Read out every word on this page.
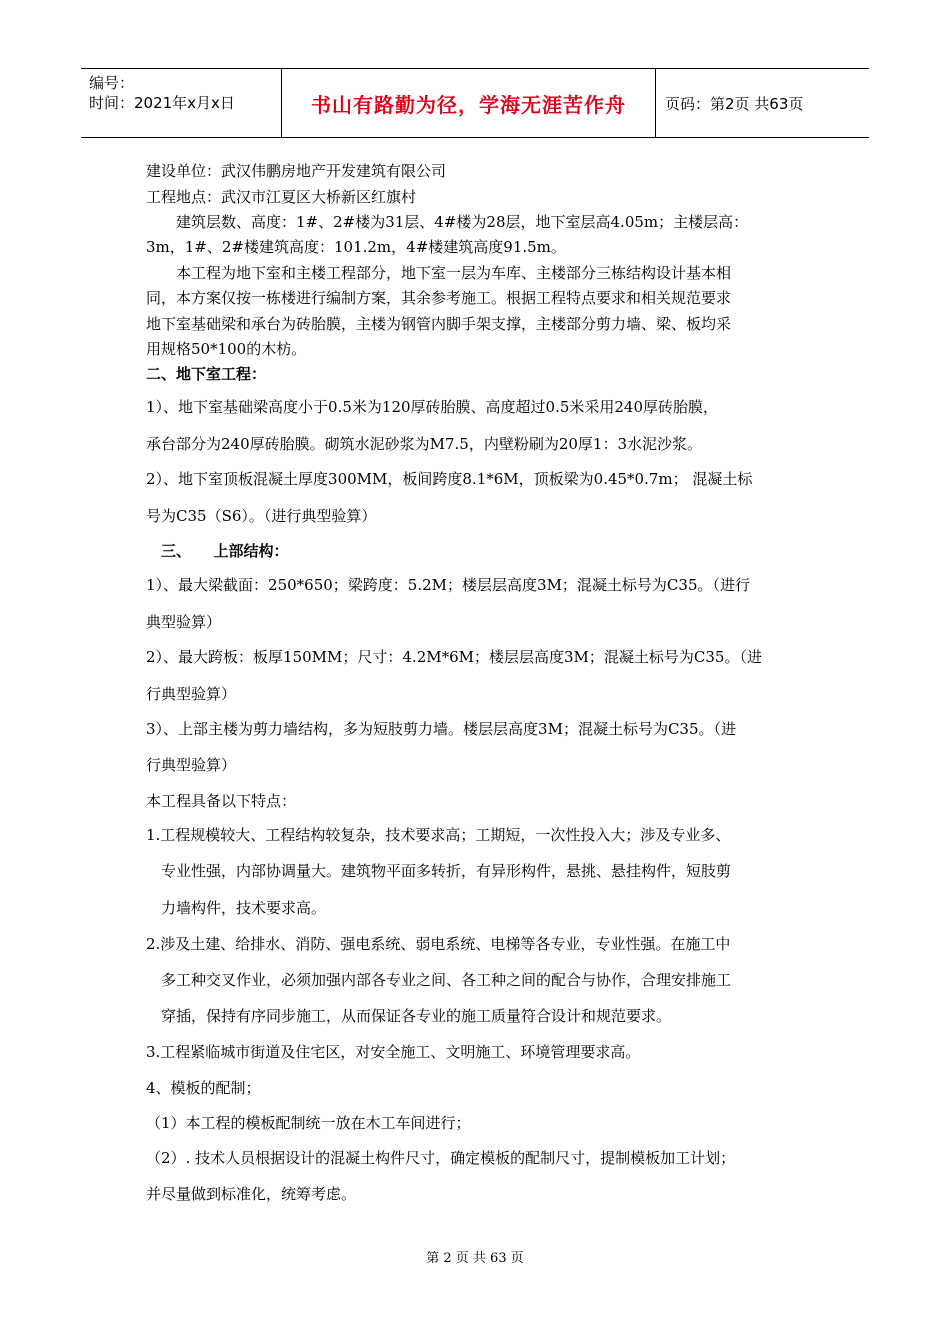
编号：
时间：2021年x月x日	书山有路勤为径，学海无涯苦作舟	页码：第2页 共63页
建设单位：武汉伟鹏房地产开发建筑有限公司
工程地点：武汉市江夏区大桥新区红旗村
　　建筑层数、高度：1#、2#楼为31层、4#楼为28层，地下室层高4.05m；主楼层高：
3m，1#、2#楼建筑高度：101.2m，4#楼建筑高度91.5m。
　　本工程为地下室和主楼工程部分，地下室一层为车库、主楼部分三栋结构设计基本相
同，本方案仅按一栋楼进行编制方案，其余参考施工。根据工程特点要求和相关规范要求
地下室基础梁和承台为砖胎膜，主楼为钢管内脚手架支撑，主楼部分剪力墙、梁、板均采
用规格50*100的木枋。
二、地下室工程：
1）、地下室基础梁高度小于0.5米为120厚砖胎膜、高度超过0.5米采用240厚砖胎膜，
承台部分为240厚砖胎膜。砌筑水泥砂浆为M7.5，内壁粉刷为20厚1：3水泥沙浆。
2）、地下室顶板混凝土厚度300MM，板间跨度8.1*6M，顶板梁为0.45*0.7m； 混凝土标
号为C35（S6）。（进行典型验算）
　三、　　上部结构：
1）、最大梁截面：250*650；梁跨度：5.2M；楼层层高度3M；混凝土标号为C35。（进行
典型验算）
2）、最大跨板：板厚150MM；尺寸：4.2M*6M；楼层层高度3M；混凝土标号为C35。（进
行典型验算）
3）、上部主楼为剪力墙结构，多为短肢剪力墙。楼层层高度3M；混凝土标号为C35。（进
行典型验算）
本工程具备以下特点：
1.工程规模较大、工程结构较复杂，技术要求高；工期短，一次性投入大；涉及专业多、
　专业性强，内部协调量大。建筑物平面多转折，有异形构件，悬挑、悬挂构件，短肢剪
　力墙构件，技术要求高。
2.涉及土建、给排水、消防、强电系统、弱电系统、电梯等各专业，专业性强。在施工中
　多工种交叉作业，必须加强内部各专业之间、各工种之间的配合与协作，合理安排施工
　穿插，保持有序同步施工，从而保证各专业的施工质量符合设计和规范要求。
3.工程紧临城市街道及住宅区，对安全施工、文明施工、环境管理要求高。
4、模板的配制；
（1）本工程的模板配制统一放在木工车间进行；
（2）. 技术人员根据设计的混凝土构件尺寸，确定模板的配制尺寸，提制模板加工计划；
并尽量做到标准化，统筹考虑。
第 2 页 共 63 页
